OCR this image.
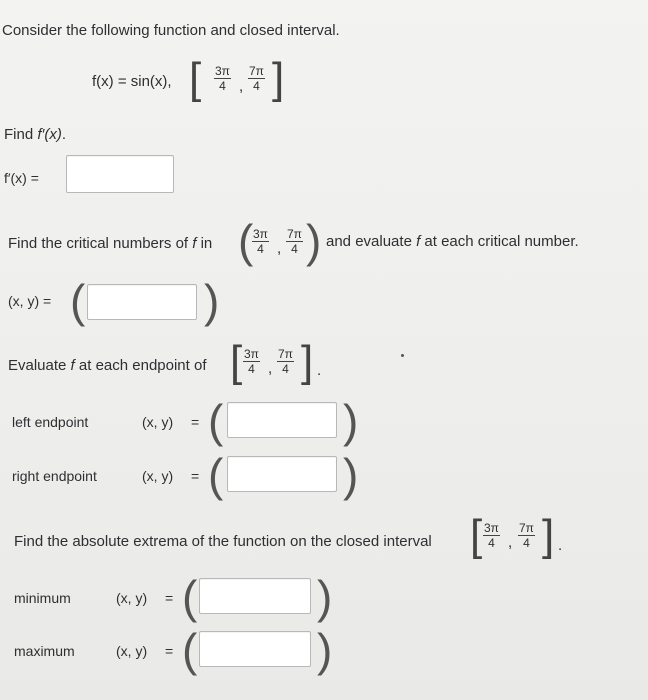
Consider the following function and closed interval.
f(x) = sin(x), [ $\frac{3\pi}{4}$ , $\frac{7\pi}{4}$ ]
Find f′(x).
f′(x) =
Find the critical numbers of f in (
$\frac{3\pi}{4}$ , $\frac{7\pi}{4}$ ) and evaluate f at each critical number.
(x, y) = (	)
Evaluate f at each endpoint of [ $\frac{3\pi}{4}$ , $\frac{7\pi}{4}$ ] .
left endpoint	(x, y) = (	)
right endpoint	(x, y) = (	)
Find the absolute extrema of the function on the closed interval [ $\frac{3\pi}{4}$ , $\frac{7\pi}{4}$ ] .
minimum	(x, y) = (	)
maximum	(x, y) = (	)
